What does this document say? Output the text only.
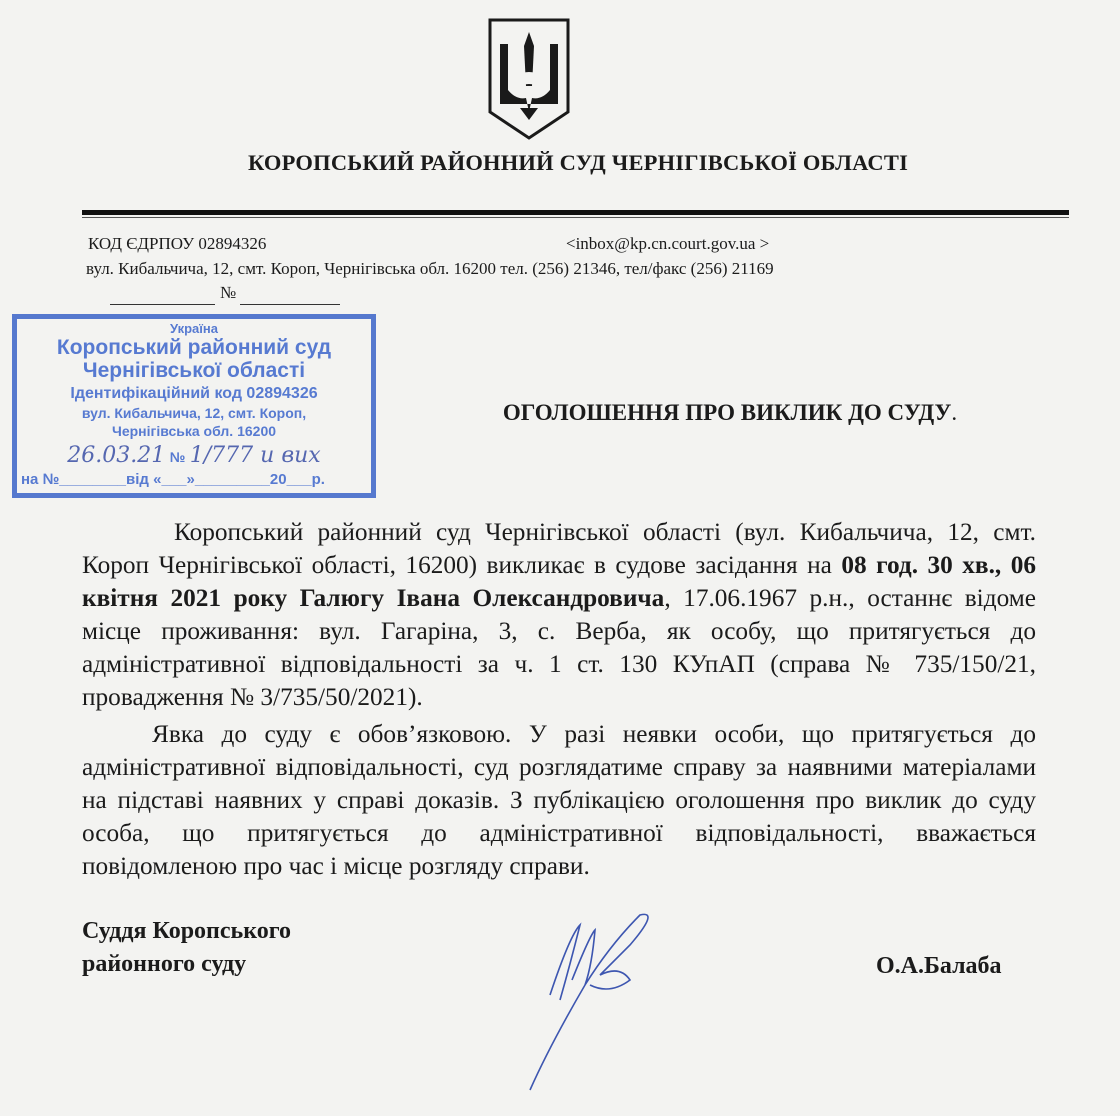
КОРОПСЬКИЙ РАЙОННИЙ СУД ЧЕРНІГІВСЬКОЇ ОБЛАСТІ
КОД ЄДРПОУ 02894326	<inbox@kp.cn.court.gov.ua >
вул. Кибальчича, 12, смт. Короп, Чернігівська обл. 16200 тел. (256) 21346, тел/факс (256) 21169
№
Україна
Коропський районний суд
Чернігівської області
Ідентифікаційний код 02894326
вул. Кибальчича, 12, смт. Короп,
Чернігівська обл. 16200
26.03.21 № 1/777 и вих
на №________від «___»_________20___р.
ОГОЛОШЕННЯ ПРО ВИКЛИК ДО СУДУ.
Коропський районний суд Чернігівської області (вул. Кибальчича, 12, смт. Короп Чернігівської області, 16200) викликає в судове засідання на 08 год. 30 хв., 06 квітня 2021 року Галюгу Івана Олександровича, 17.06.1967 р.н., останнє відоме місце проживання: вул. Гагаріна, 3, с. Верба, як особу, що притягується до адміністративної відповідальності за ч. 1 ст. 130 КУпАП (справа № 735/150/21, провадження № 3/735/50/2021).
Явка до суду є обов’язковою. У разі неявки особи, що притягується до адміністративної відповідальності, суд розглядатиме справу за наявними матеріалами на підставі наявних у справі доказів. З публікацією оголошення про виклик до суду особа, що притягується до адміністративної відповідальності, вважається повідомленою про час і місце розгляду справи.
Суддя Коропського
районного суду	О.А.Балаба
